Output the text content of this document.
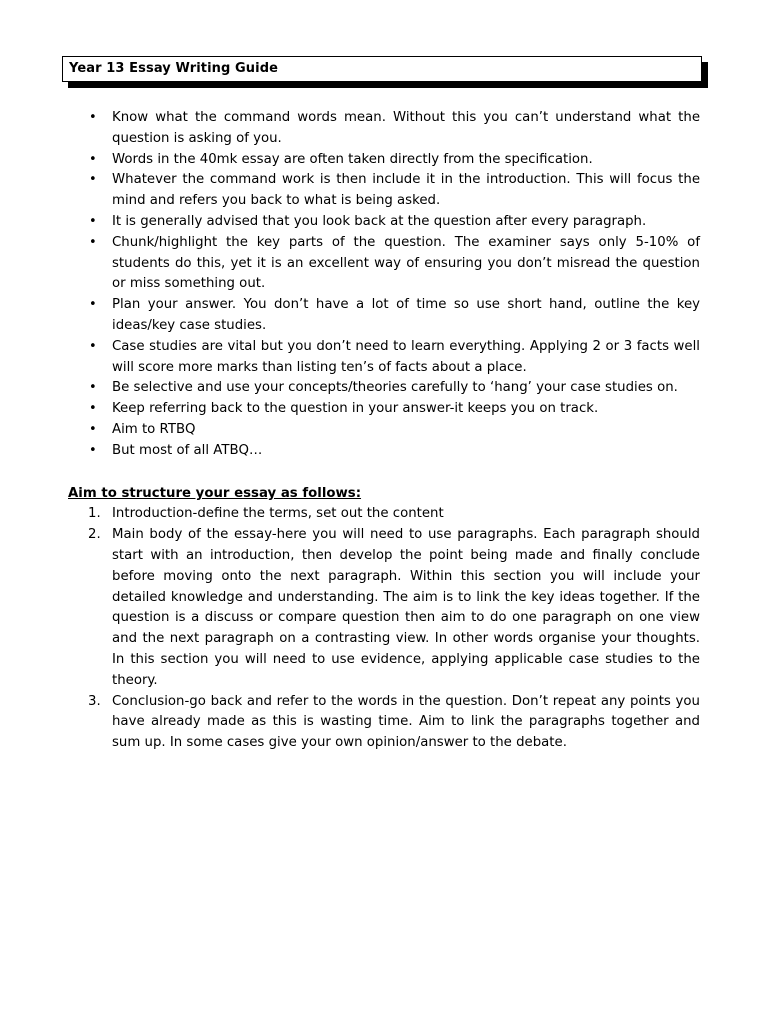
Year 13 Essay Writing Guide
• Know what the command words mean. Without this you can’t understand what the question is asking of you.
• Words in the 40mk essay are often taken directly from the specification.
• Whatever the command work is then include it in the introduction. This will focus the mind and refers you back to what is being asked.
• It is generally advised that you look back at the question after every paragraph.
• Chunk/highlight the key parts of the question. The examiner says only 5-10% of students do this, yet it is an excellent way of ensuring you don’t misread the question or miss something out.
• Plan your answer. You don’t have a lot of time so use short hand, outline the key ideas/key case studies.
• Case studies are vital but you don’t need to learn everything. Applying 2 or 3 facts well will score more marks than listing ten’s of facts about a place.
• Be selective and use your concepts/theories carefully to ‘hang’ your case studies on.
• Keep referring back to the question in your answer-it keeps you on track.
• Aim to RTBQ
• But most of all ATBQ…
Aim to structure your essay as follows:
1. Introduction-define the terms, set out the content
2. Main body of the essay-here you will need to use paragraphs. Each paragraph should start with an introduction, then develop the point being made and finally conclude before moving onto the next paragraph. Within this section you will include your detailed knowledge and understanding. The aim is to link the key ideas together. If the question is a discuss or compare question then aim to do one paragraph on one view and the next paragraph on a contrasting view. In other words organise your thoughts. In this section you will need to use evidence, applying applicable case studies to the theory.
3. Conclusion-go back and refer to the words in the question. Don’t repeat any points you have already made as this is wasting time. Aim to link the paragraphs together and sum up. In some cases give your own opinion/answer to the debate.
